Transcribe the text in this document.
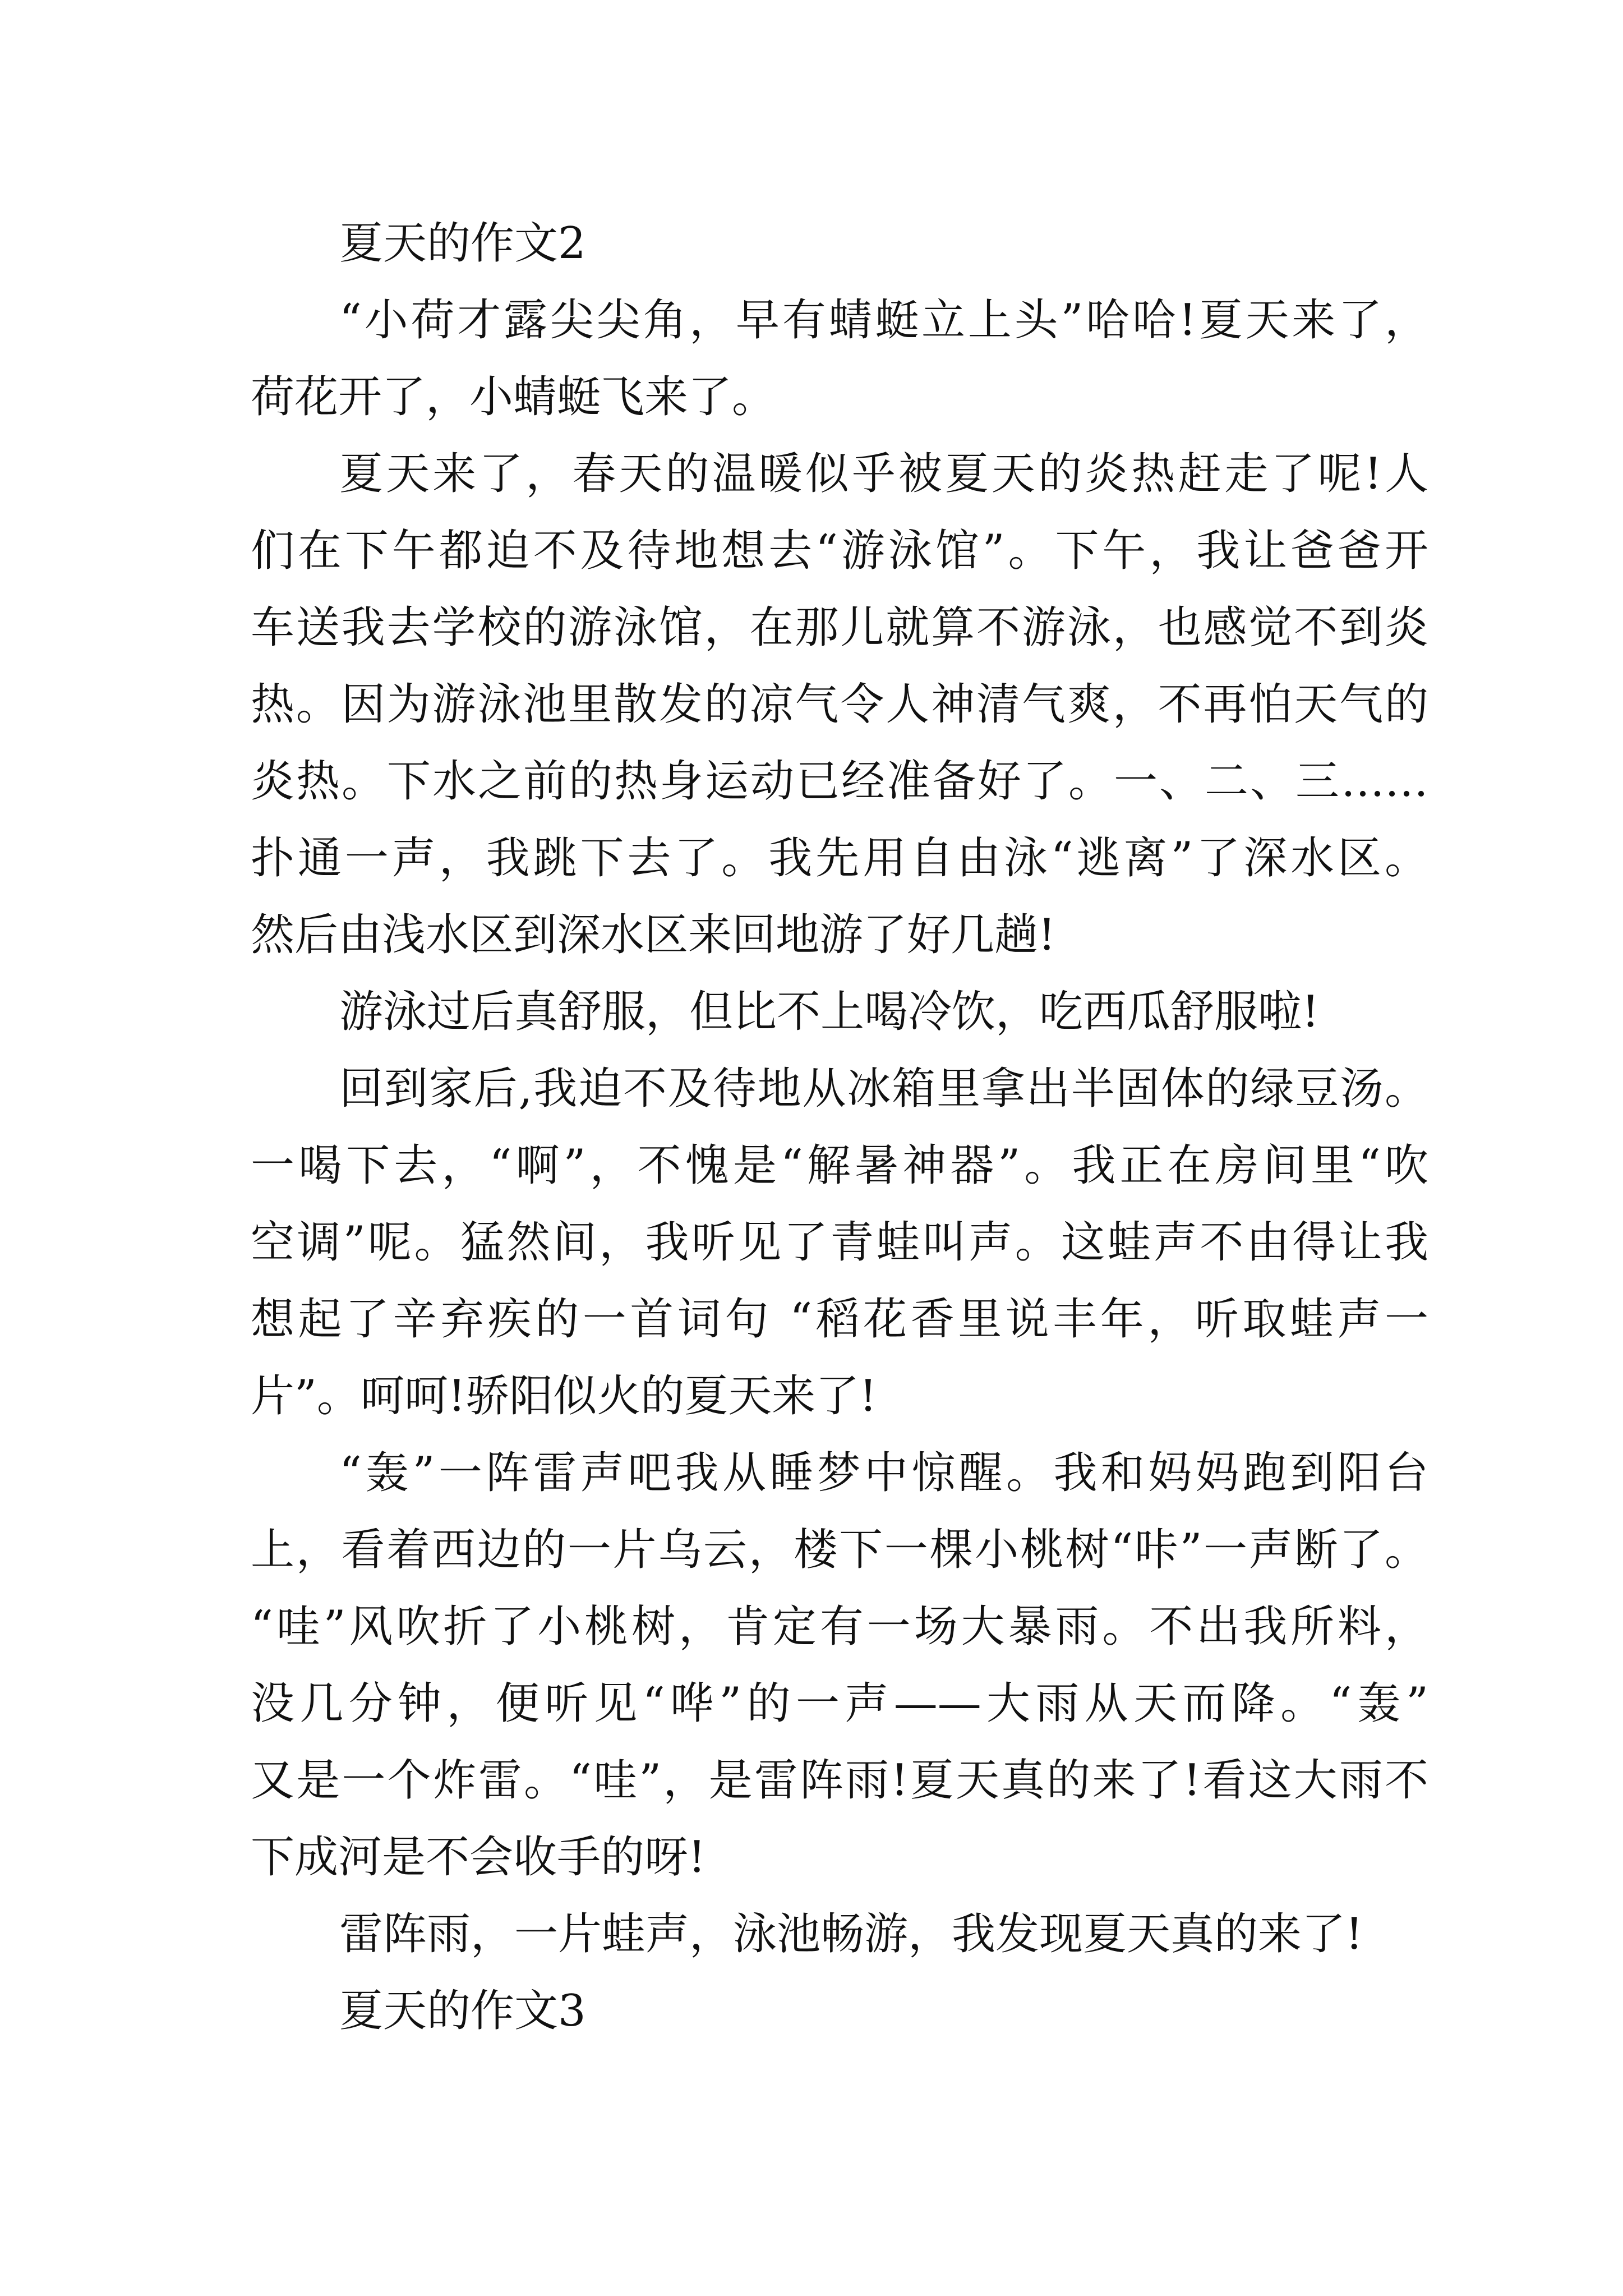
夏天的作文2
“小荷才露尖尖角，早有蜻蜓立上头”哈哈!夏天来了，
荷花开了，小蜻蜓飞来了。
夏天来了，春天的温暖似乎被夏天的炎热赶走了呢!人
们在下午都迫不及待地想去“游泳馆”。下午，我让爸爸开
车送我去学校的游泳馆，在那儿就算不游泳，也感觉不到炎
热。因为游泳池里散发的凉气令人神清气爽，不再怕天气的
炎热。下水之前的热身运动已经准备好了。一、二、三……
扑通一声，我跳下去了。我先用自由泳“逃离”了深水区。
然后由浅水区到深水区来回地游了好几趟!
游泳过后真舒服，但比不上喝冷饮，吃西瓜舒服啦!
回到家后,我迫不及待地从冰箱里拿出半固体的绿豆汤。
一喝下去，“啊”，不愧是“解暑神器”。我正在房间里“吹
空调”呢。猛然间，我听见了青蛙叫声。这蛙声不由得让我
想起了辛弃疾的一首词句 “稻花香里说丰年，听取蛙声一
片”。呵呵!骄阳似火的夏天来了!
“轰”一阵雷声吧我从睡梦中惊醒。我和妈妈跑到阳台
上，看着西边的一片乌云，楼下一棵小桃树“咔”一声断了。
“哇”风吹折了小桃树，肯定有一场大暴雨。不出我所料，
没几分钟，便听见“哗”的一声——大雨从天而降。“轰”
又是一个炸雷。“哇”，是雷阵雨!夏天真的来了!看这大雨不
下成河是不会收手的呀!
雷阵雨，一片蛙声，泳池畅游，我发现夏天真的来了!
夏天的作文3
